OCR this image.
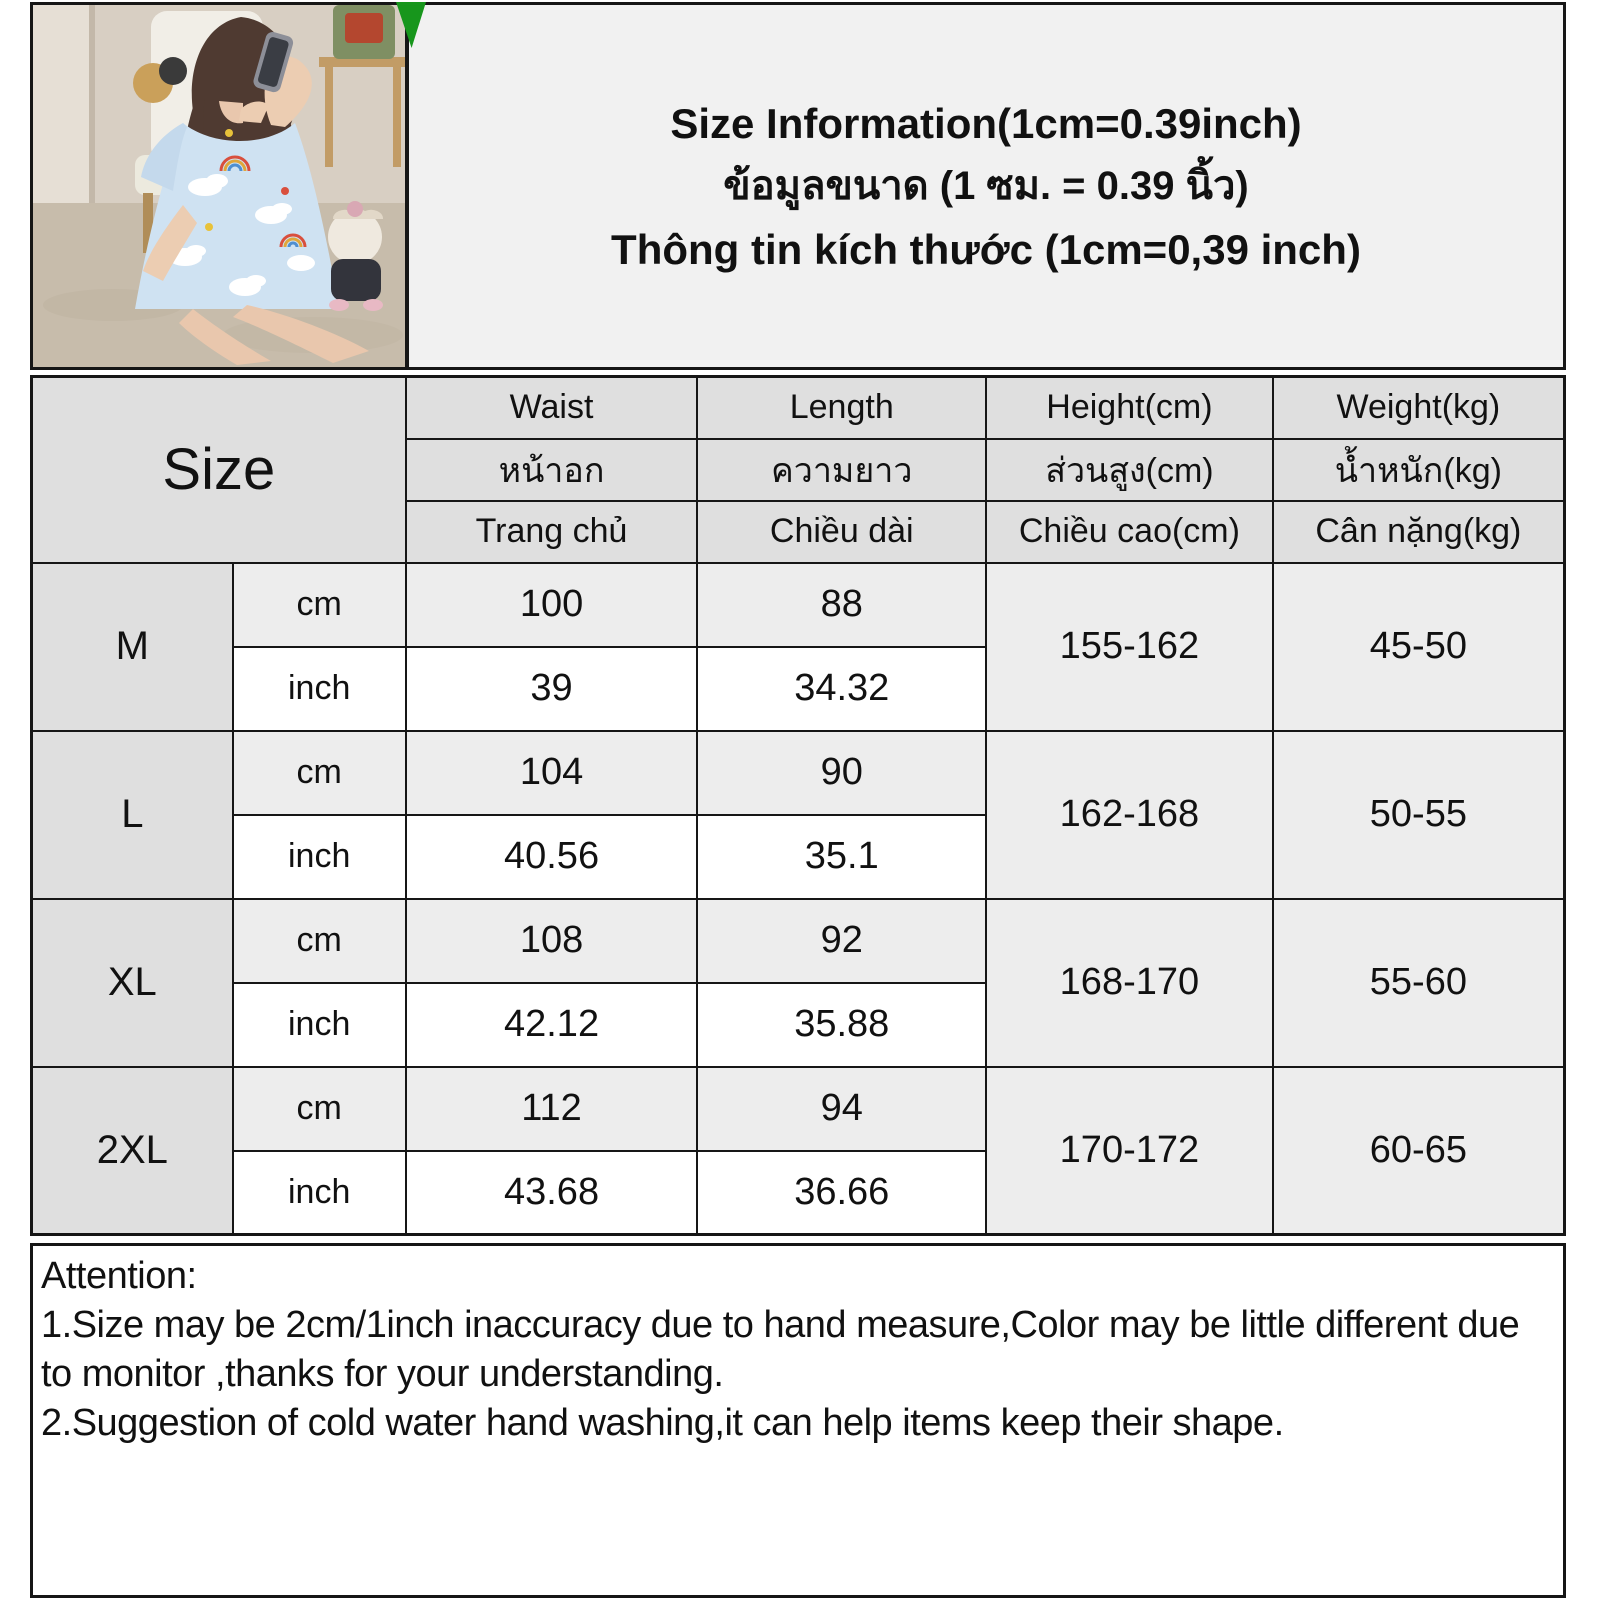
Size Information(1cm=0.39inch)
ข้อมูลขนาด (1 ซม. = 0.39 นิ้ว)
Thông tin kích thước (1cm=0,39 inch)
Size		Waist	Length	Height(cm)	Weight(kg)
		หน้าอก	ความยาว	ส่วนสูง(cm)	น้ำหนัก(kg)
		Trang chủ	Chiều dài	Chiều cao(cm)	Cân nặng(kg)
M	cm	100	88	155-162	45-50
	inch	39	34.32		
L	cm	104	90	162-168	50-55
	inch	40.56	35.1		
XL	cm	108	92	168-170	55-60
	inch	42.12	35.88		
2XL	cm	112	94	170-172	60-65
	inch	43.68	36.66		

Attention:

1.Size may be 2cm/1inch inaccuracy due to hand measure,Color may be little different due to monitor ,thanks for your understanding.

2.Suggestion of cold water hand washing,it can help items keep their shape.
